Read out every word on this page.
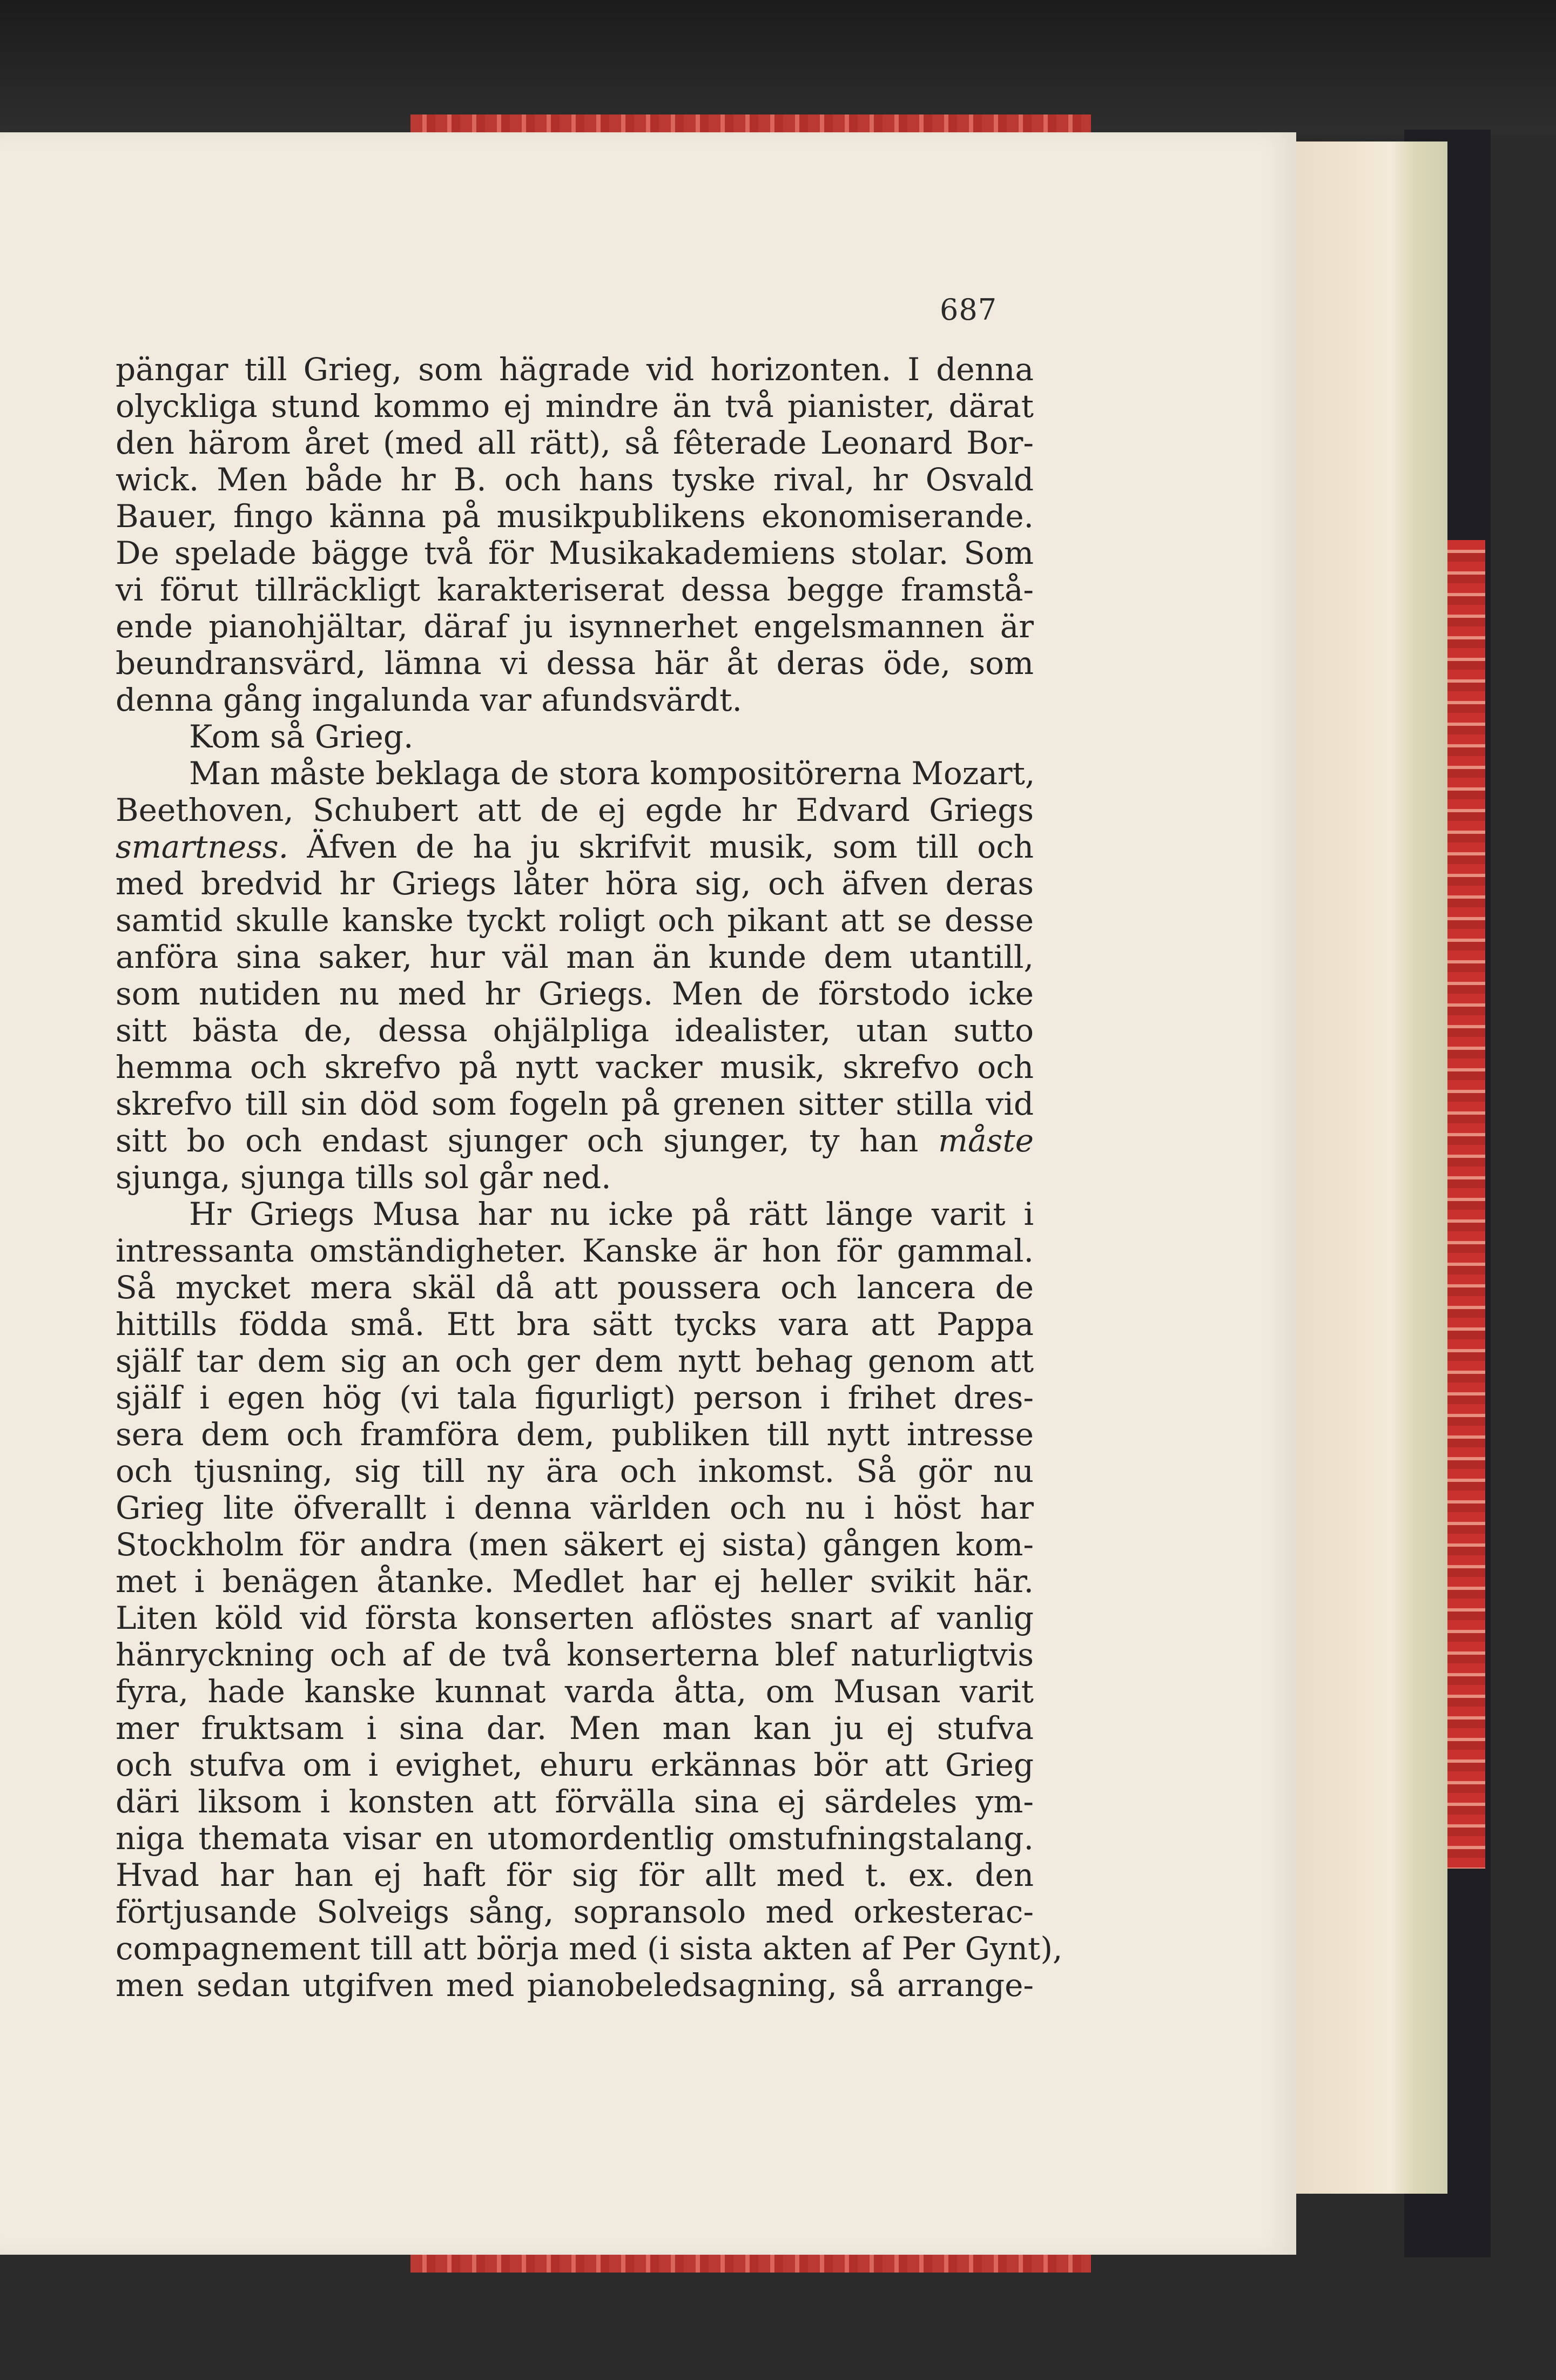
687
pängar till Grieg, som hägrade vid horizonten. I denna
olyckliga stund kommo ej mindre än två pianister, därat
den härom året (med all rätt), så fêterade Leonard Bor-
wick. Men både hr B. och hans tyske rival, hr Osvald
Bauer, fingo känna på musikpublikens ekonomiserande.
De spelade bägge två för Musikakademiens stolar. Som
vi förut tillräckligt karakteriserat dessa begge framstå-
ende pianohjältar, däraf ju isynnerhet engelsmannen är
beundransvärd, lämna vi dessa här åt deras öde, som
denna gång ingalunda var afundsvärdt.
Kom så Grieg.
Man måste beklaga de stora kompositörerna Mozart,
Beethoven, Schubert att de ej egde hr Edvard Griegs
smartness. Äfven de ha ju skrifvit musik, som till och
med bredvid hr Griegs låter höra sig, och äfven deras
samtid skulle kanske tyckt roligt och pikant att se desse
anföra sina saker, hur väl man än kunde dem utantill,
som nutiden nu med hr Griegs. Men de förstodo icke
sitt bästa de, dessa ohjälpliga idealister, utan sutto
hemma och skrefvo på nytt vacker musik, skrefvo och
skrefvo till sin död som fogeln på grenen sitter stilla vid
sitt bo och endast sjunger och sjunger, ty han måste
sjunga, sjunga tills sol går ned.
Hr Griegs Musa har nu icke på rätt länge varit i
intressanta omständigheter. Kanske är hon för gammal.
Så mycket mera skäl då att poussera och lancera de
hittills födda små. Ett bra sätt tycks vara att Pappa
själf tar dem sig an och ger dem nytt behag genom att
själf i egen hög (vi tala figurligt) person i frihet dres-
sera dem och framföra dem, publiken till nytt intresse
och tjusning, sig till ny ära och inkomst. Så gör nu
Grieg lite öfverallt i denna världen och nu i höst har
Stockholm för andra (men säkert ej sista) gången kom-
met i benägen åtanke. Medlet har ej heller svikit här.
Liten köld vid första konserten aflöstes snart af vanlig
hänryckning och af de två konserterna blef naturligtvis
fyra, hade kanske kunnat varda åtta, om Musan varit
mer fruktsam i sina dar. Men man kan ju ej stufva
och stufva om i evighet, ehuru erkännas bör att Grieg
däri liksom i konsten att förvälla sina ej särdeles ym-
niga themata visar en utomordentlig omstufningstalang.
Hvad har han ej haft för sig för allt med t. ex. den
förtjusande Solveigs sång, sopransolo med orkesterac-
compagnement till att börja med (i sista akten af Per Gynt),
men sedan utgifven med pianobeledsagning, så arrange-
